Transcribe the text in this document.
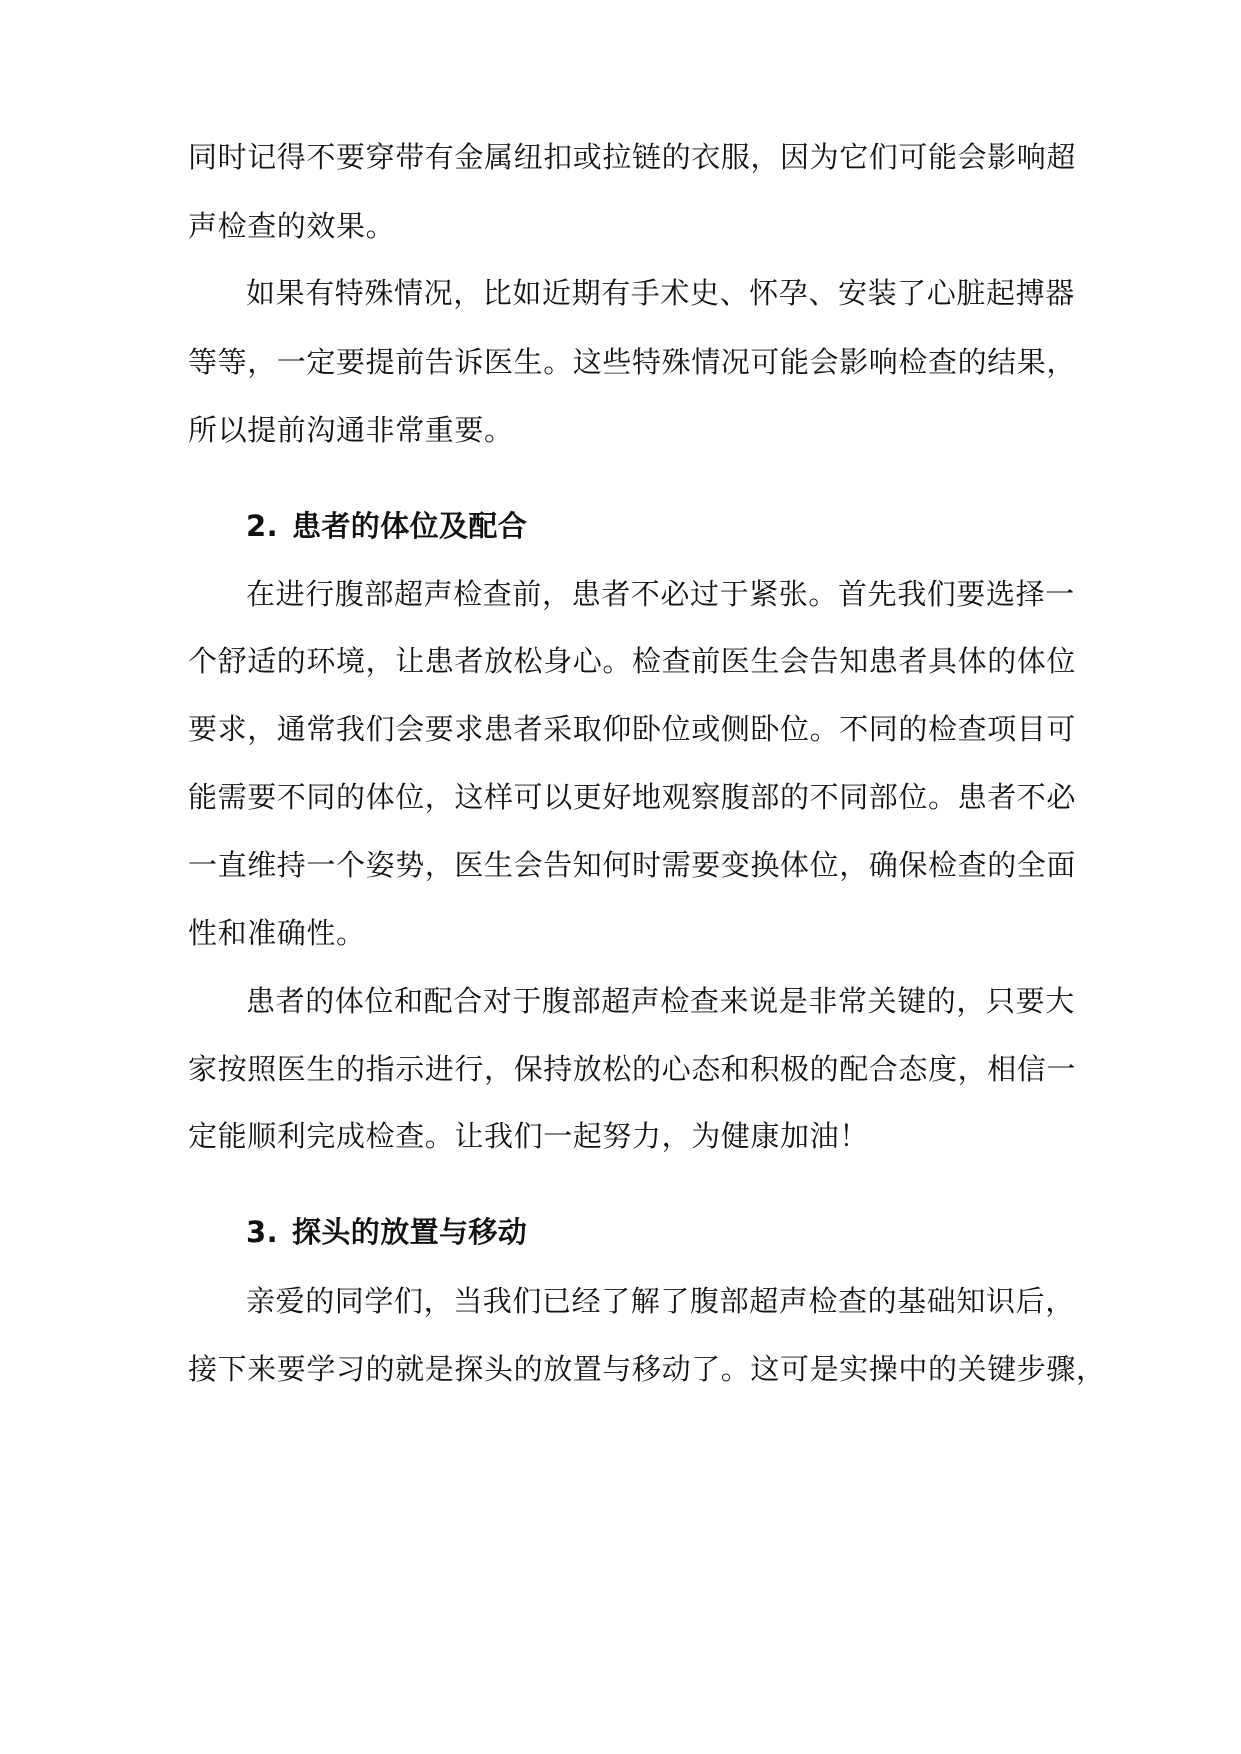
同时记得不要穿带有金属纽扣或拉链的衣服，因为它们可能会影响超
声检查的效果。
如果有特殊情况，比如近期有手术史、怀孕、安装了心脏起搏器
等等，一定要提前告诉医生。这些特殊情况可能会影响检查的结果，
所以提前沟通非常重要。
2. 患者的体位及配合
在进行腹部超声检查前，患者不必过于紧张。首先我们要选择一
个舒适的环境，让患者放松身心。检查前医生会告知患者具体的体位
要求，通常我们会要求患者采取仰卧位或侧卧位。不同的检查项目可
能需要不同的体位，这样可以更好地观察腹部的不同部位。患者不必
一直维持一个姿势，医生会告知何时需要变换体位，确保检查的全面
性和准确性。
患者的体位和配合对于腹部超声检查来说是非常关键的，只要大
家按照医生的指示进行，保持放松的心态和积极的配合态度，相信一
定能顺利完成检查。让我们一起努力，为健康加油！
3. 探头的放置与移动
亲爱的同学们，当我们已经了解了腹部超声检查的基础知识后，
接下来要学习的就是探头的放置与移动了。这可是实操中的关键步骤，
